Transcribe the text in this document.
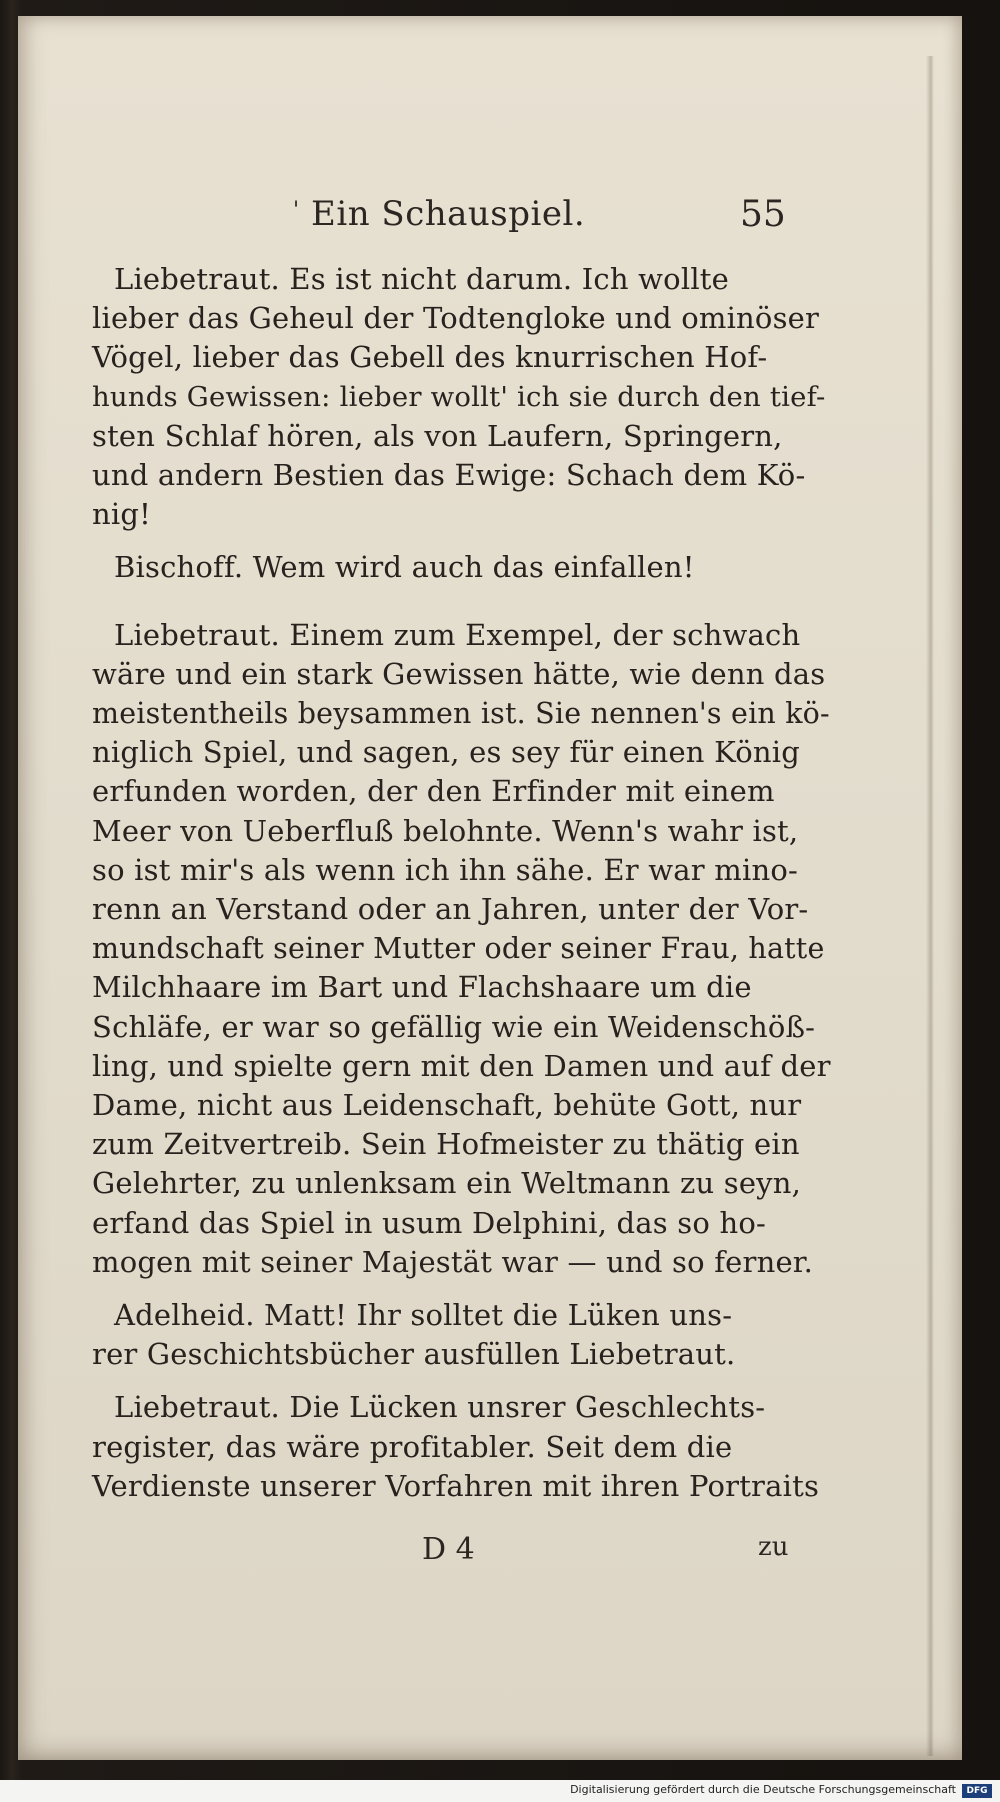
' Ein Schauspiel.	55
Liebetraut. Es ist nicht darum. Ich wollte
lieber das Geheul der Todtengloke und ominöser
Vögel, lieber das Gebell des knurrischen Hof-
hunds Gewissen: lieber wollt' ich sie durch den tief-
sten Schlaf hören, als von Laufern, Springern,
und andern Bestien das Ewige: Schach dem Kö-
nig!
Bischoff. Wem wird auch das einfallen!
Liebetraut. Einem zum Exempel, der schwach
wäre und ein stark Gewissen hätte, wie denn das
meistentheils beysammen ist. Sie nennen's ein kö-
niglich Spiel, und sagen, es sey für einen König
erfunden worden, der den Erfinder mit einem
Meer von Ueberfluß belohnte. Wenn's wahr ist,
so ist mir's als wenn ich ihn sähe. Er war mino-
renn an Verstand oder an Jahren, unter der Vor-
mundschaft seiner Mutter oder seiner Frau, hatte
Milchhaare im Bart und Flachshaare um die
Schläfe, er war so gefällig wie ein Weidenschöß-
ling, und spielte gern mit den Damen und auf der
Dame, nicht aus Leidenschaft, behüte Gott, nur
zum Zeitvertreib. Sein Hofmeister zu thätig ein
Gelehrter, zu unlenksam ein Weltmann zu seyn,
erfand das Spiel in usum Delphini, das so ho-
mogen mit seiner Majestät war — und so ferner.
Adelheid. Matt! Ihr solltet die Lüken uns-
rer Geschichtsbücher ausfüllen Liebetraut.
Liebetraut. Die Lücken unsrer Geschlechts-
register, das wäre profitabler. Seit dem die
Verdienste unserer Vorfahren mit ihren Portraits
D 4	zu
Digitalisierung gefördert durch die Deutsche Forschungsgemeinschaft	DFG
